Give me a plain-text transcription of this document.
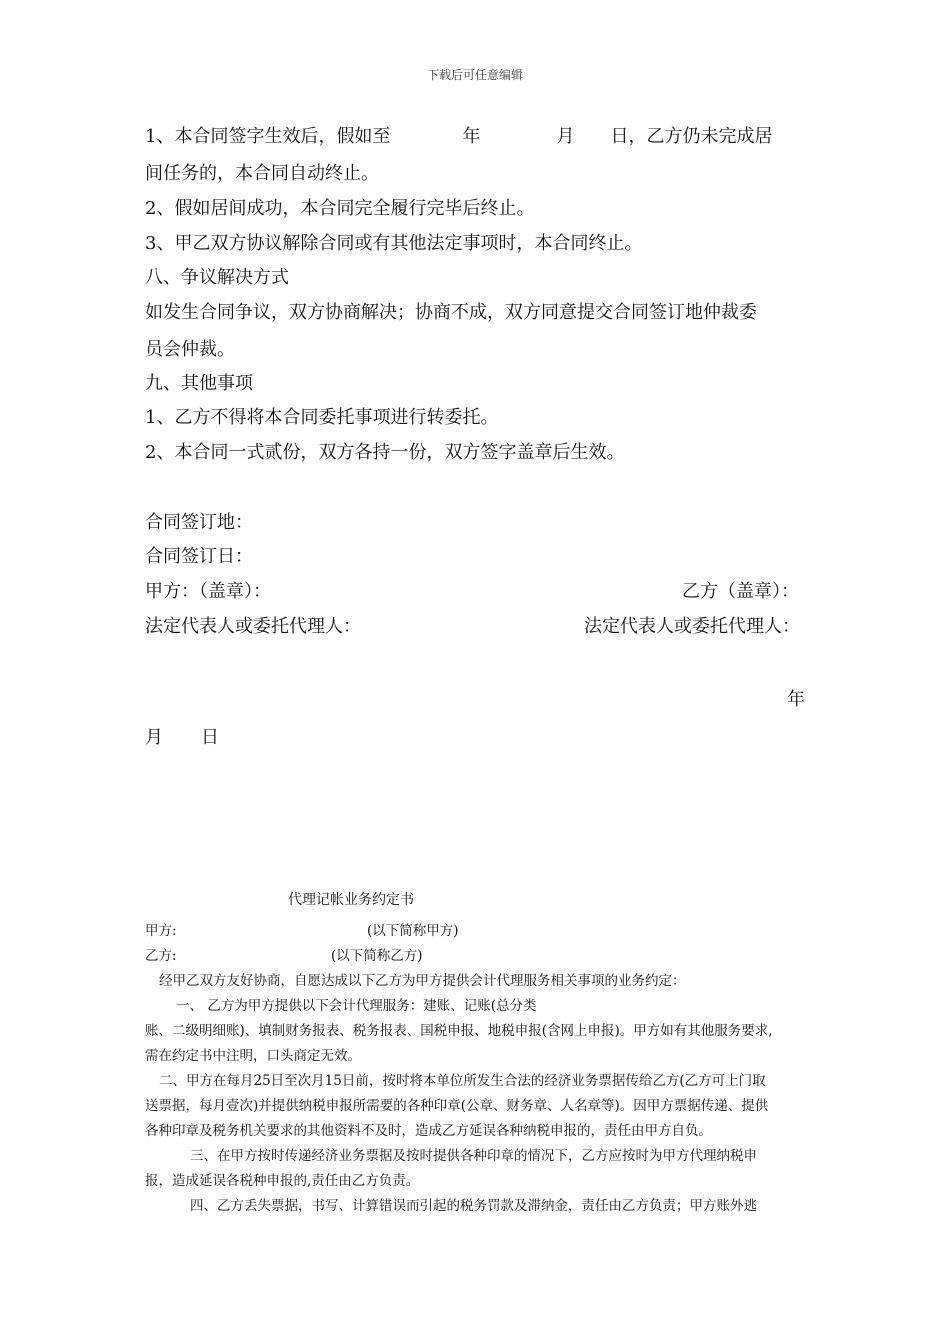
下载后可任意编辑
1、本合同签字生效后，假如至	年	月 日，乙方仍未完成居
间任务的，本合同自动终止。
2、假如居间成功，本合同完全履行完毕后终止。
3、甲乙双方协议解除合同或有其他法定事项时，本合同终止。
八、争议解决方式
如发生合同争议，双方协商解决；协商不成，双方同意提交合同签订地仲裁委
员会仲裁。
九、其他事项
1、乙方不得将本合同委托事项进行转委托。
2、本合同一式贰份，双方各持一份，双方签字盖章后生效。
合同签订地：
合同签订日：
甲方：（盖章）：	乙方（盖章）：
法定代表人或委托代理人：	法定代表人或委托代理人：
年
月 日
代理记帐业务约定书
甲方:	(以下简称甲方)
乙方:	(以下简称乙方)
经甲乙双方友好协商，自愿达成以下乙方为甲方提供会计代理服务相关事项的业务约定：
一、 乙方为甲方提供以下会计代理服务：建账、记账(总分类
账、二级明细账)、填制财务报表、税务报表、国税申报、地税申报(含网上申报)。甲方如有其他服务要求,
需在约定书中注明，口头商定无效。
二、甲方在每月25日至次月15日前，按时将本单位所发生合法的经济业务票据传给乙方(乙方可上门取
送票据，每月壹次)并提供纳税申报所需要的各种印章(公章、财务章、人名章等)。因甲方票据传递、提供
各种印章及税务机关要求的其他资料不及时，造成乙方延误各种纳税申报的，责任由甲方自负。
三、在甲方按时传递经济业务票据及按时提供各种印章的情况下，乙方应按时为甲方代理纳税申
报，造成延误各税种申报的,责任由乙方负责。
四、乙方丢失票据，书写、计算错误而引起的税务罚款及滞纳金，责任由乙方负责；甲方账外逃
